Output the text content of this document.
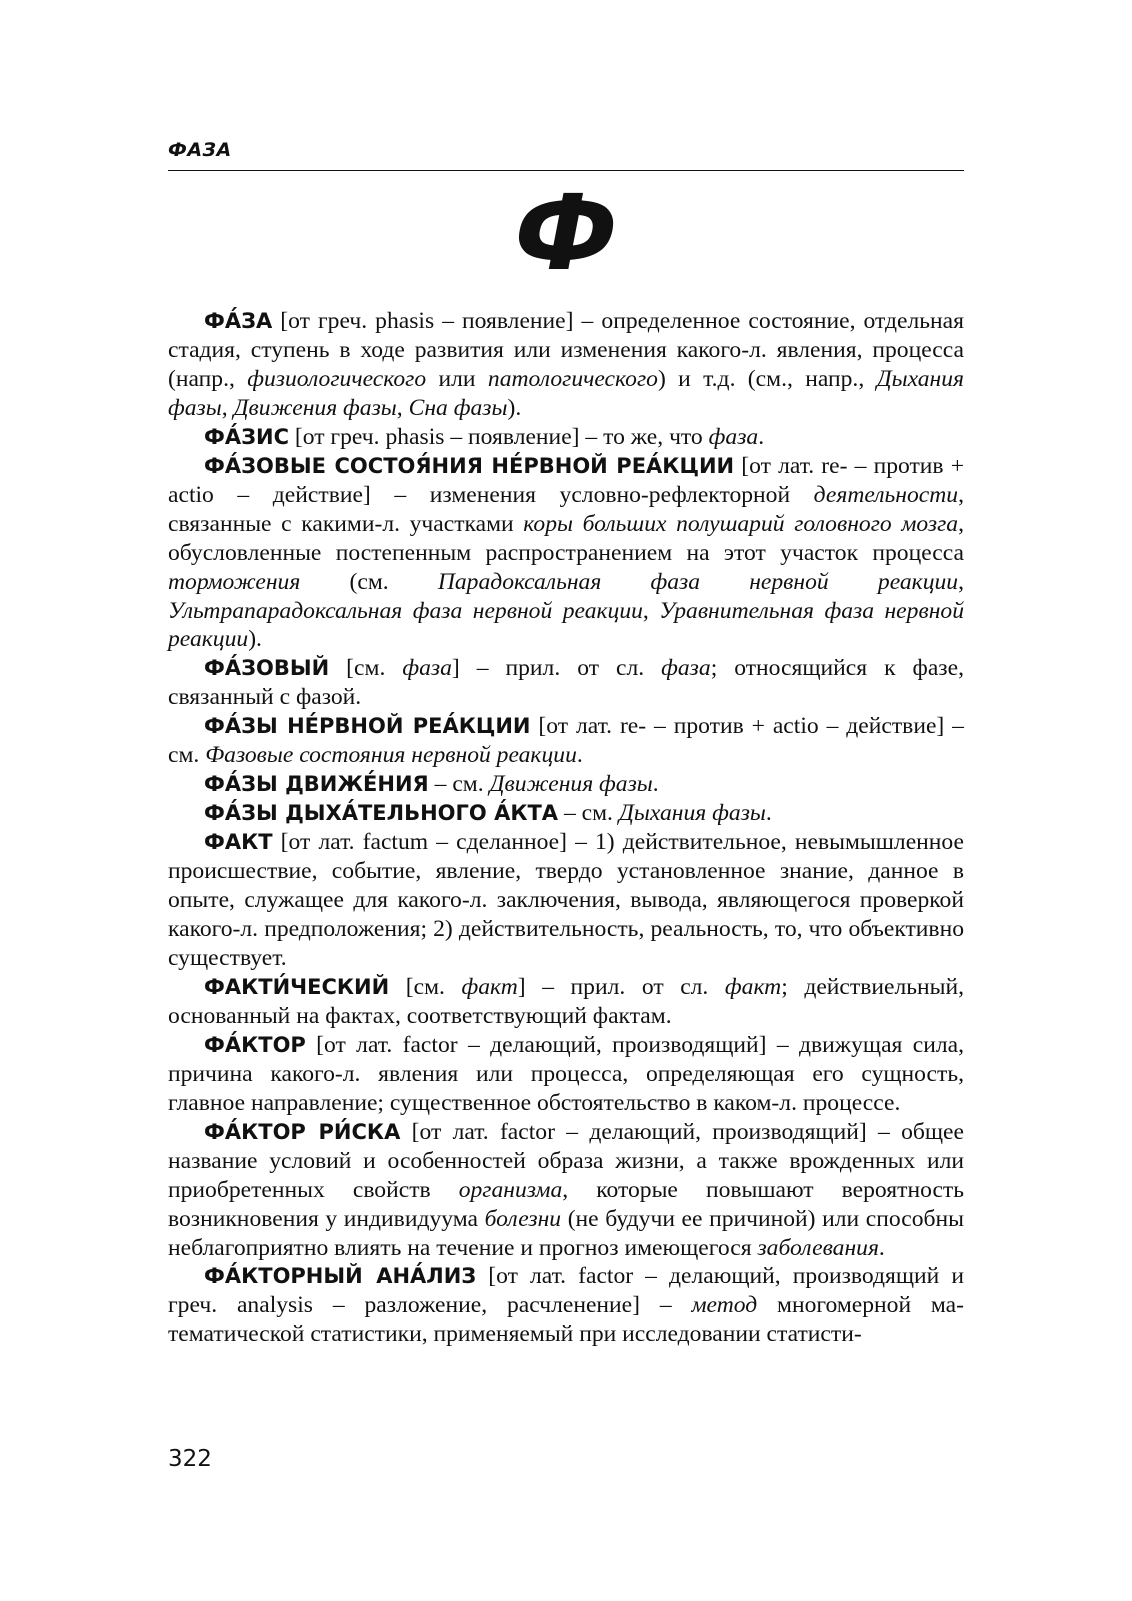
ФАЗА
Ф

ФА́ЗА [от греч. phasis – появление] – определенное состояние, отдельная стадия, ступень в ходе развития или изменения какого-л. явления, процесса (напр., физиологического или патологического) и т.д. (см., напр., Дыхания фазы, Движения фазы, Сна фазы).

ФА́ЗИС [от греч. phasis – появление] – то же, что фаза.

ФА́ЗОВЫЕ СОСТОЯ́НИЯ НЕ́РВНОЙ РЕА́КЦИИ [от лат. re- – против + actio – действие] – изменения условно-рефлекторной деятельности, связанные с какими-л. участками коры больших полушарий головного мозга, обусловленные постепенным распространением на этот участок процесса торможения (см. Парадоксальная фаза нервной реакции, Ультрапарадоксальная фаза нервной реакции, Уравнительная фаза нервной реакции).

ФА́ЗОВЫЙ [см. фаза] – прил. от сл. фаза; относящийся к фазе, связанный с фазой.

ФА́ЗЫ НЕ́РВНОЙ РЕА́КЦИИ [от лат. re- – против + actio – действие] – см. Фазовые состояния нервной реакции.

ФА́ЗЫ ДВИЖЕ́НИЯ – см. Движения фазы.

ФА́ЗЫ ДЫХА́ТЕЛЬНОГО А́КТА – см. Дыхания фазы.

ФАКТ [от лат. factum – сделанное] – 1) действительное, невымышленное происшествие, событие, явление, твердо установленное знание, данное в опыте, служащее для какого-л. заключения, вывода, являющегося проверкой какого-л. предположения; 2) действительность, реальность, то, что объективно существует.

ФАКТИ́ЧЕСКИЙ [см. факт] – прил. от сл. факт; действиельный, основанный на фактах, соответствующий фактам.

ФА́КТОР [от лат. factor – делающий, производящий] – движущая сила, причина какого-л. явления или процесса, определяющая его сущность, главное направление; существенное обстоятельство в каком-л. процессе.

ФА́КТОР РИ́СКА [от лат. factor – делающий, производящий] – общее название условий и особенностей образа жизни, а также врожденных или приобретенных свойств организма, которые повышают вероятность возникновения у индивидуума болезни (не будучи ее причиной) или способны неблагоприятно влиять на течение и прогноз имеющегося заболевания.

ФА́КТОРНЫЙ АНА́ЛИЗ [от лат. factor – делающий, производящий и греч. analysis – разложение, расчленение] – метод многомерной математической статистики, применяемый при исследовании статисти-

322
